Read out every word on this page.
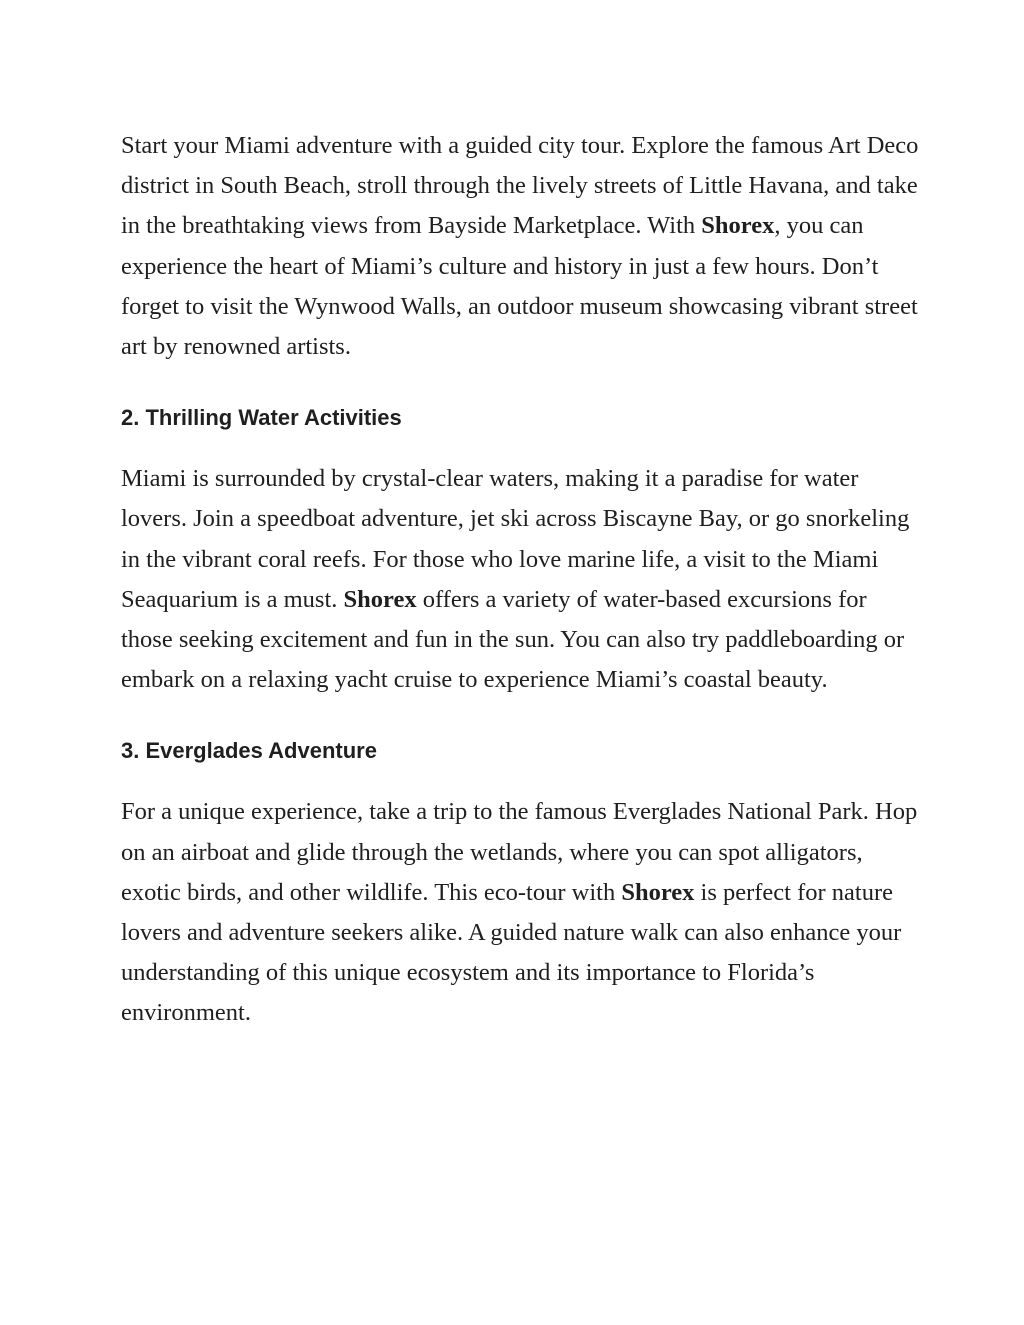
Start your Miami adventure with a guided city tour. Explore the famous Art Deco district in South Beach, stroll through the lively streets of Little Havana, and take in the breathtaking views from Bayside Marketplace. With Shorex, you can experience the heart of Miami’s culture and history in just a few hours. Don’t forget to visit the Wynwood Walls, an outdoor museum showcasing vibrant street art by renowned artists.

2. Thrilling Water Activities

Miami is surrounded by crystal-clear waters, making it a paradise for water lovers. Join a speedboat adventure, jet ski across Biscayne Bay, or go snorkeling in the vibrant coral reefs. For those who love marine life, a visit to the Miami Seaquarium is a must. Shorex offers a variety of water-based excursions for those seeking excitement and fun in the sun. You can also try paddleboarding or embark on a relaxing yacht cruise to experience Miami’s coastal beauty.

3. Everglades Adventure

For a unique experience, take a trip to the famous Everglades National Park. Hop on an airboat and glide through the wetlands, where you can spot alligators, exotic birds, and other wildlife. This eco-tour with Shorex is perfect for nature lovers and adventure seekers alike. A guided nature walk can also enhance your understanding of this unique ecosystem and its importance to Florida’s environment.
